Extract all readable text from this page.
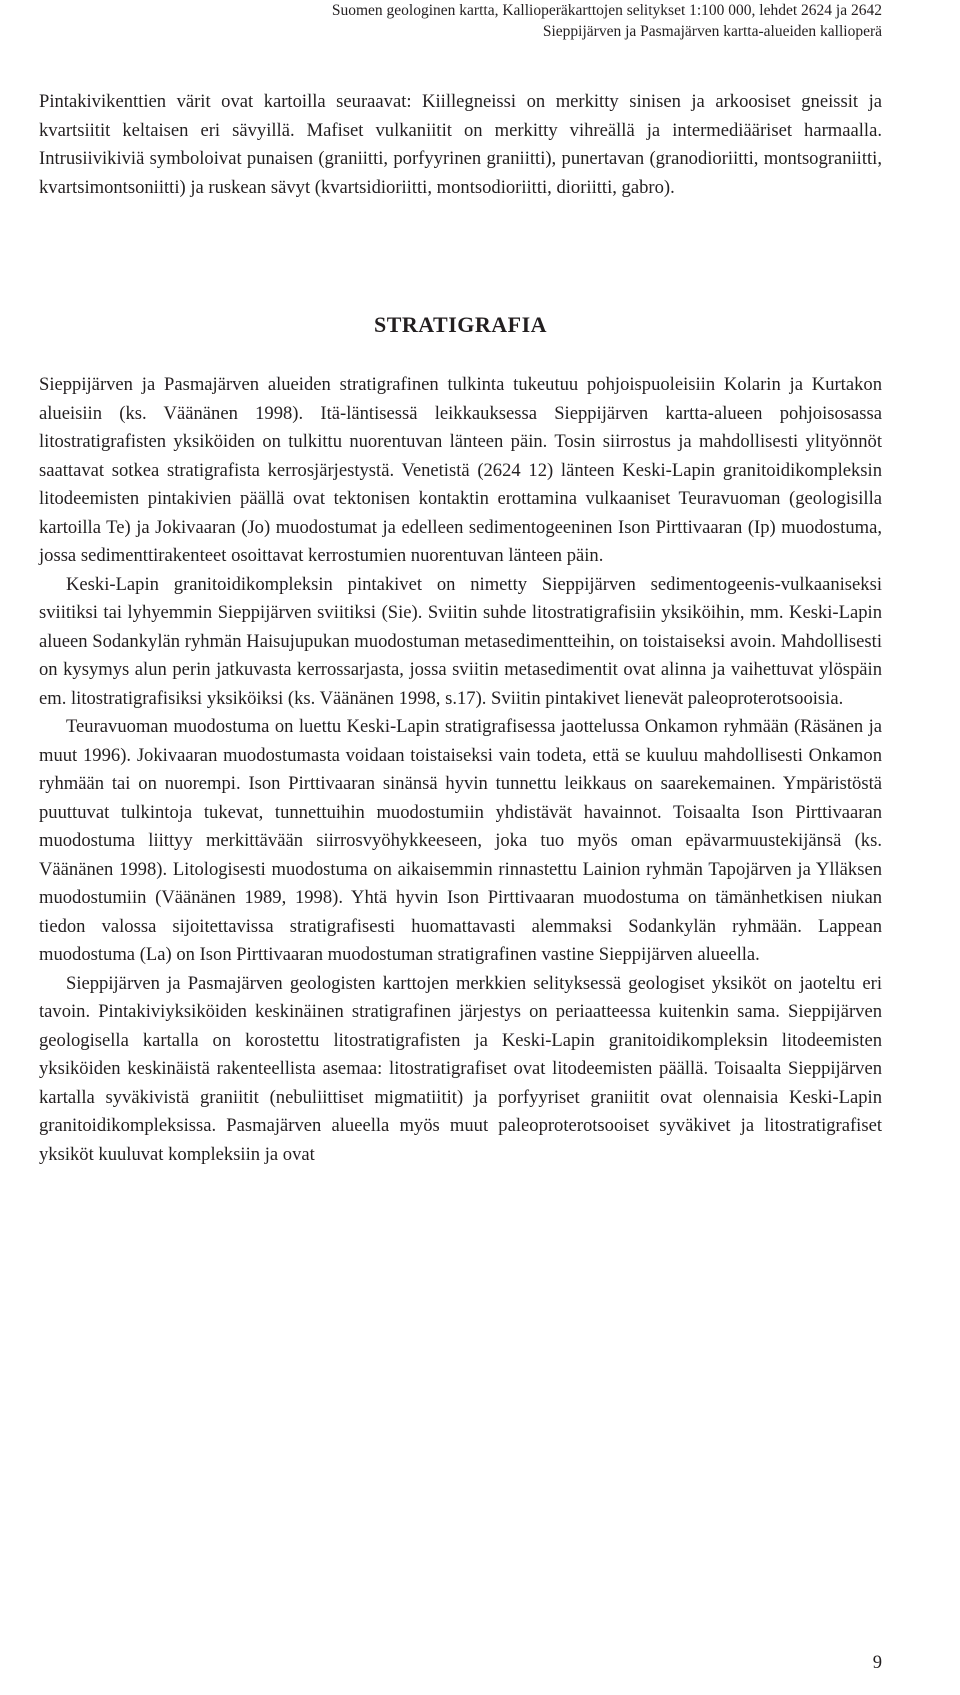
Suomen geologinen kartta, Kallioperäkarttojen selitykset 1:100 000, lehdet 2624 ja 2642
Sieppijärven ja Pasmajärven kartta-alueiden kallioperä

Pintakivikenttien värit ovat kartoilla seuraavat: Kiillegneissi on merkitty sinisen ja arkoosiset gneissit ja kvartsiitit keltaisen eri sävyillä. Mafiset vulkaniitit on merkitty vihreällä ja intermediääriset harmaalla. Intrusiivikiviä symboloivat punaisen (graniitti, porfyyrinen graniitti), punertavan (granodioriitti, montsograniitti, kvartsimontsoniitti) ja ruskean sävyt (kvartsidioriitti, montsodioriitti, dioriitti, gabro).

STRATIGRAFIA

Sieppijärven ja Pasmajärven alueiden stratigrafinen tulkinta tukeutuu pohjoispuoleisiin Kolarin ja Kurtakon alueisiin (ks. Väänänen 1998). Itä-läntisessä leikkauksessa Sieppijärven kartta-alueen pohjoisosassa litostratigrafisten yksiköiden on tulkittu nuorentuvan länteen päin. Tosin siirrostus ja mahdollisesti ylityönnöt saattavat sotkea stratigrafista kerrosjärjestystä. Venetistä (2624 12) länteen Keski-Lapin granitoidikompleksin litodeemisten pintakivien päällä ovat tektonisen kontaktin erottamina vulkaaniset Teuravuoman (geologisilla kartoilla Te) ja Jokivaaran (Jo) muodostumat ja edelleen sedimentogeeninen Ison Pirttivaaran (Ip) muodostuma, jossa sedimenttirakenteet osoittavat kerrostumien nuorentuvan länteen päin.

Keski-Lapin granitoidikompleksin pintakivet on nimetty Sieppijärven sedimentogeenis-vulkaaniseksi sviitiksi tai lyhyemmin Sieppijärven sviitiksi (Sie). Sviitin suhde litostratigrafisiin yksiköihin, mm. Keski-Lapin alueen Sodankylän ryhmän Haisujupukan muodostuman metasedimentteihin, on toistaiseksi avoin. Mahdollisesti on kysymys alun perin jatkuvasta kerrossarjasta, jossa sviitin metasedimentit ovat alinna ja vaihettuvat ylöspäin em. litostratigrafisiksi yksiköiksi (ks. Väänänen 1998, s.17). Sviitin pintakivet lienevät paleoproterotsooisia.

Teuravuoman muodostuma on luettu Keski-Lapin stratigrafisessa jaottelussa Onkamon ryhmään (Räsänen ja muut 1996). Jokivaaran muodostumasta voidaan toistaiseksi vain todeta, että se kuuluu mahdollisesti Onkamon ryhmään tai on nuorempi. Ison Pirttivaaran sinänsä hyvin tunnettu leikkaus on saarekemainen. Ympäristöstä puuttuvat tulkintoja tukevat, tunnettuihin muodostumiin yhdistävät havainnot. Toisaalta Ison Pirttivaaran muodostuma liittyy merkittävään siirrosvyöhykkeeseen, joka tuo myös oman epävarmuustekijänsä (ks. Väänänen 1998). Litologisesti muodostuma on aikaisemmin rinnastettu Lainion ryhmän Tapojärven ja Ylläksen muodostumiin (Väänänen 1989, 1998). Yhtä hyvin Ison Pirttivaaran muodostuma on tämänhetkisen niukan tiedon valossa sijoitettavissa stratigrafisesti huomattavasti alemmaksi Sodankylän ryhmään. Lappean muodostuma (La) on Ison Pirttivaaran muodostuman stratigrafinen vastine Sieppijärven alueella.

Sieppijärven ja Pasmajärven geologisten karttojen merkkien selityksessä geologiset yksiköt on jaoteltu eri tavoin. Pintakiviyksiköiden keskinäinen stratigrafinen järjestys on periaatteessa kuitenkin sama. Sieppijärven geologisella kartalla on korostettu litostratigrafisten ja Keski-Lapin granitoidikompleksin litodeemisten yksiköiden keskinäistä rakenteellista asemaa: litostratigrafiset ovat litodeemisten päällä. Toisaalta Sieppijärven kartalla syväkivistä graniitit (nebuliittiset migmatiitit) ja porfyyriset graniitit ovat olennaisia Keski-Lapin granitoidikompleksissa. Pasmajärven alueella myös muut paleoproterotsooiset syväkivet ja litostratigrafiset yksiköt kuuluvat kompleksiin ja ovat

9
